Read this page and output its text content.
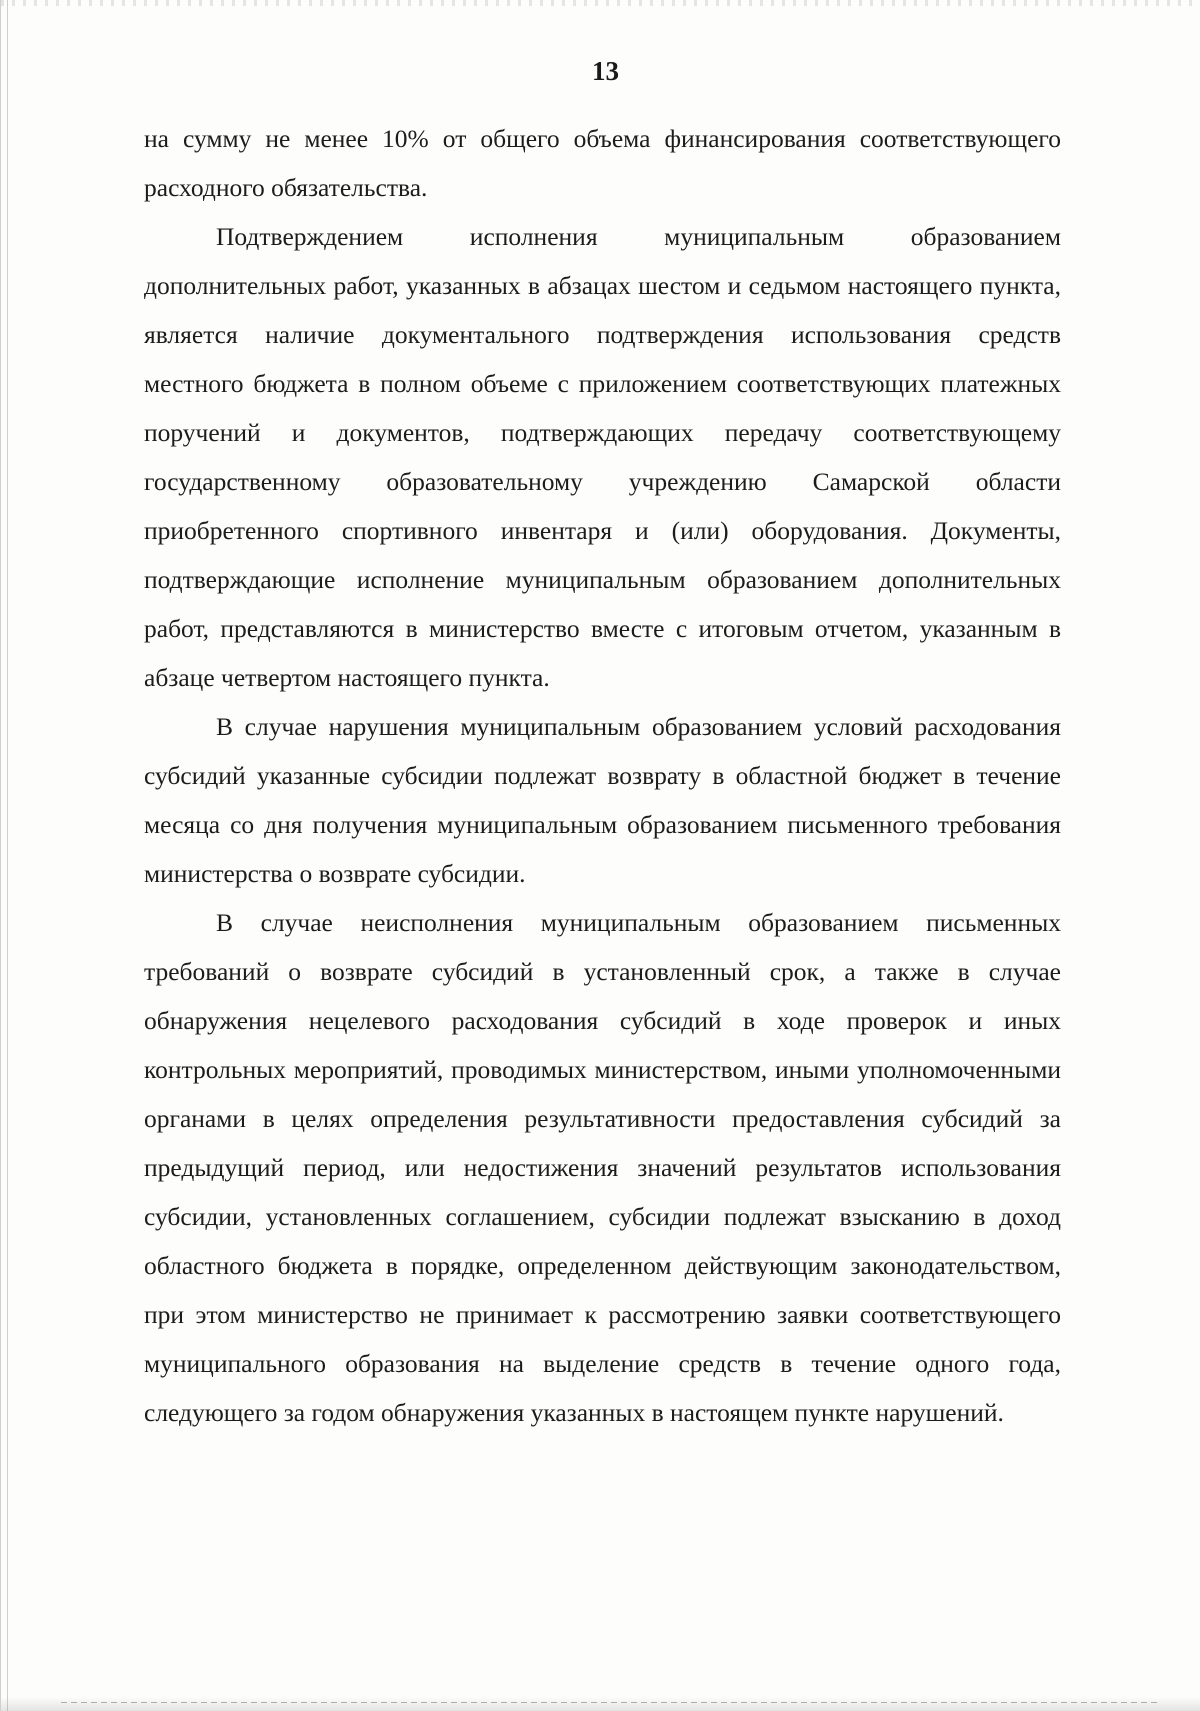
13

на сумму не менее 10% от общего объема финансирования соответствующего расходного обязательства.

Подтверждением исполнения муниципальным образованием дополнительных работ, указанных в абзацах шестом и седьмом настоящего пункта, является наличие документального подтверждения использования средств местного бюджета в полном объеме с приложением соответствующих платежных поручений и документов, подтверждающих передачу соответствующему государственному образовательному учреждению Самарской области приобретенного спортивного инвентаря и (или) оборудования. Документы, подтверждающие исполнение муниципальным образованием дополнительных работ, представляются в министерство вместе с итоговым отчетом, указанным в абзаце четвертом настоящего пункта.

В случае нарушения муниципальным образованием условий расходования субсидий указанные субсидии подлежат возврату в областной бюджет в течение месяца со дня получения муниципальным образованием письменного требования министерства о возврате субсидии.

В случае неисполнения муниципальным образованием письменных требований о возврате субсидий в установленный срок, а также в случае обнаружения нецелевого расходования субсидий в ходе проверок и иных контрольных мероприятий, проводимых министерством, иными уполномоченными органами в целях определения результативности предоставления субсидий за предыдущий период, или недостижения значений результатов использования субсидии, установленных соглашением, субсидии подлежат взысканию в доход областного бюджета в порядке, определенном действующим законодательством, при этом министерство не принимает к рассмотрению заявки соответствующего муниципального образования на выделение средств в течение одного года, следующего за годом обнаружения указанных в настоящем пункте нарушений.
